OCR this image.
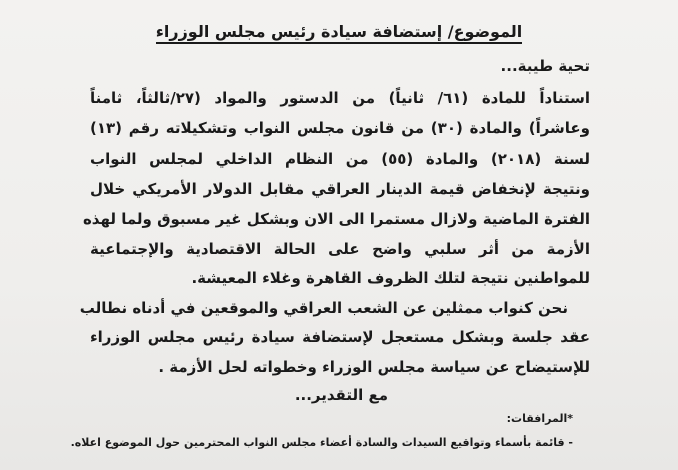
الموضوع/ إستضافة سيادة رئيس مجلس الوزراء
تحية طيبة...
استناداً للمادة (٦١/ ثانياً) من الدستور والمواد (٢٧/ثالثاً، ثامناً
وعاشراً) والمادة (٣٠) من قانون مجلس النواب وتشكيلاته رقم (١٣)
لسنة (٢٠١٨) والمادة (٥٥) من النظام الداخلي لمجلس النواب
ونتيجة لإنخفاض قيمة الدينار العراقي مقابل الدولار الأمريكي خلال
الفترة الماضية ولازال مستمرا الى الان وبشكل غير مسبوق ولما لهذه
الأزمة من أثر سلبي واضح على الحالة الاقتصادية والإجتماعية
للمواطنين نتيجة لتلك الظروف القاهرة وغلاء المعيشة.
نحن كنواب ممثلين عن الشعب العراقي والموقعين في أدناه نطالب
عقد جلسة وبشكل مستعجل لإستضافة سيادة رئيس مجلس الوزراء
للإستيضاح عن سياسة مجلس الوزراء وخطواته لحل الأزمة .
مع التقدير...
*المرافقات:
- قائمة بأسماء وتواقيع السيدات والسادة أعضاء مجلس النواب المحترمين حول الموضوع اعلاه.
